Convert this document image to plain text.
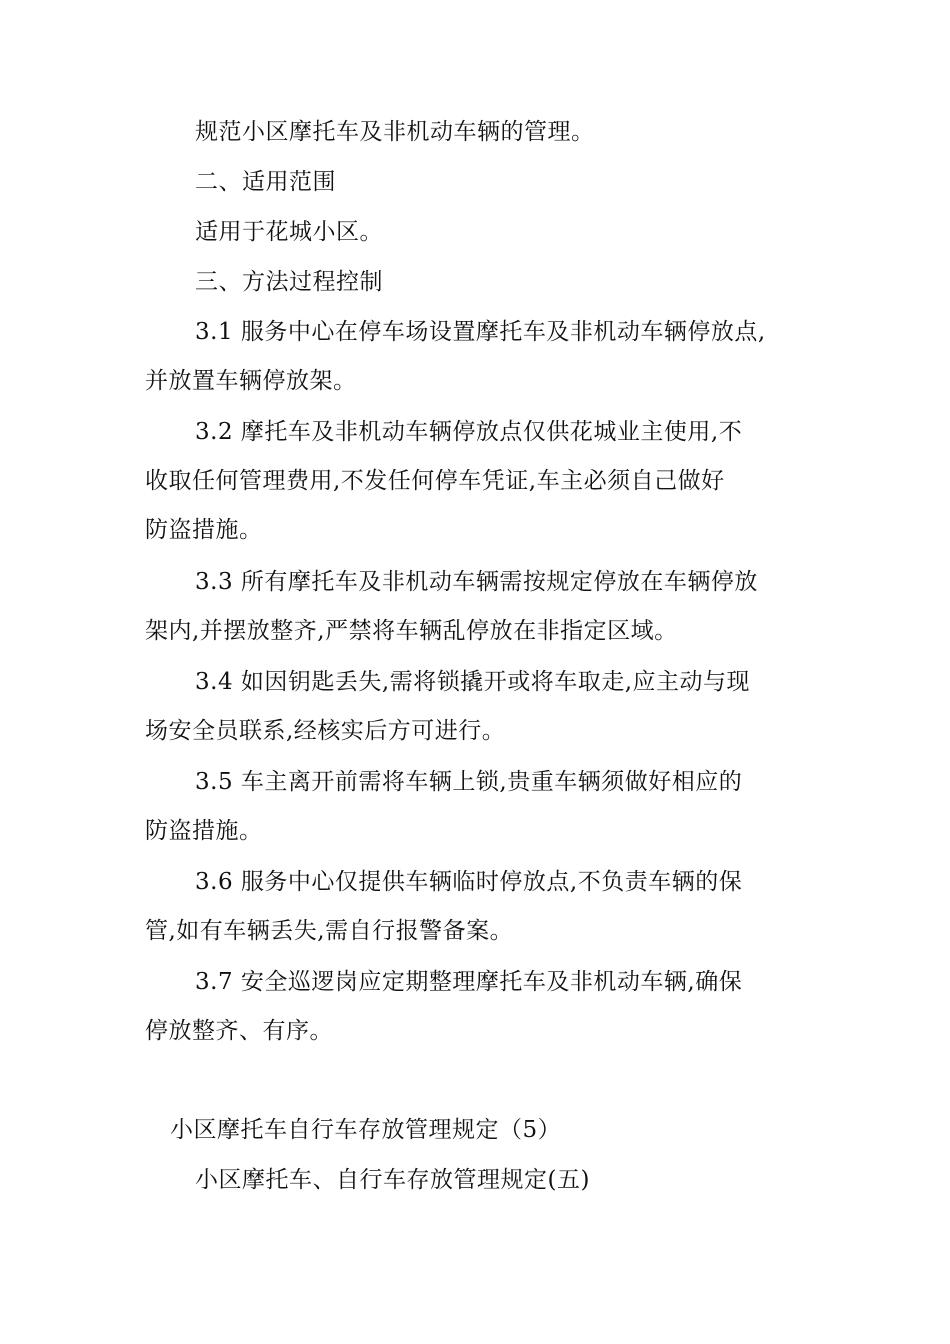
规范小区摩托车及非机动车辆的管理。

二、适用范围

适用于花城小区。

三、方法过程控制

3.1 服务中心在停车场设置摩托车及非机动车辆停放点,
并放置车辆停放架。

3.2 摩托车及非机动车辆停放点仅供花城业主使用,不
收取任何管理费用,不发任何停车凭证,车主必须自己做好
防盗措施。

3.3 所有摩托车及非机动车辆需按规定停放在车辆停放
架内,并摆放整齐,严禁将车辆乱停放在非指定区域。

3.4 如因钥匙丢失,需将锁撬开或将车取走,应主动与现
场安全员联系,经核实后方可进行。

3.5 车主离开前需将车辆上锁,贵重车辆须做好相应的
防盗措施。

3.6 服务中心仅提供车辆临时停放点,不负责车辆的保
管,如有车辆丢失,需自行报警备案。

3.7 安全巡逻岗应定期整理摩托车及非机动车辆,确保
停放整齐、有序。

小区摩托车自行车存放管理规定（5）

小区摩托车、自行车存放管理规定(五)
